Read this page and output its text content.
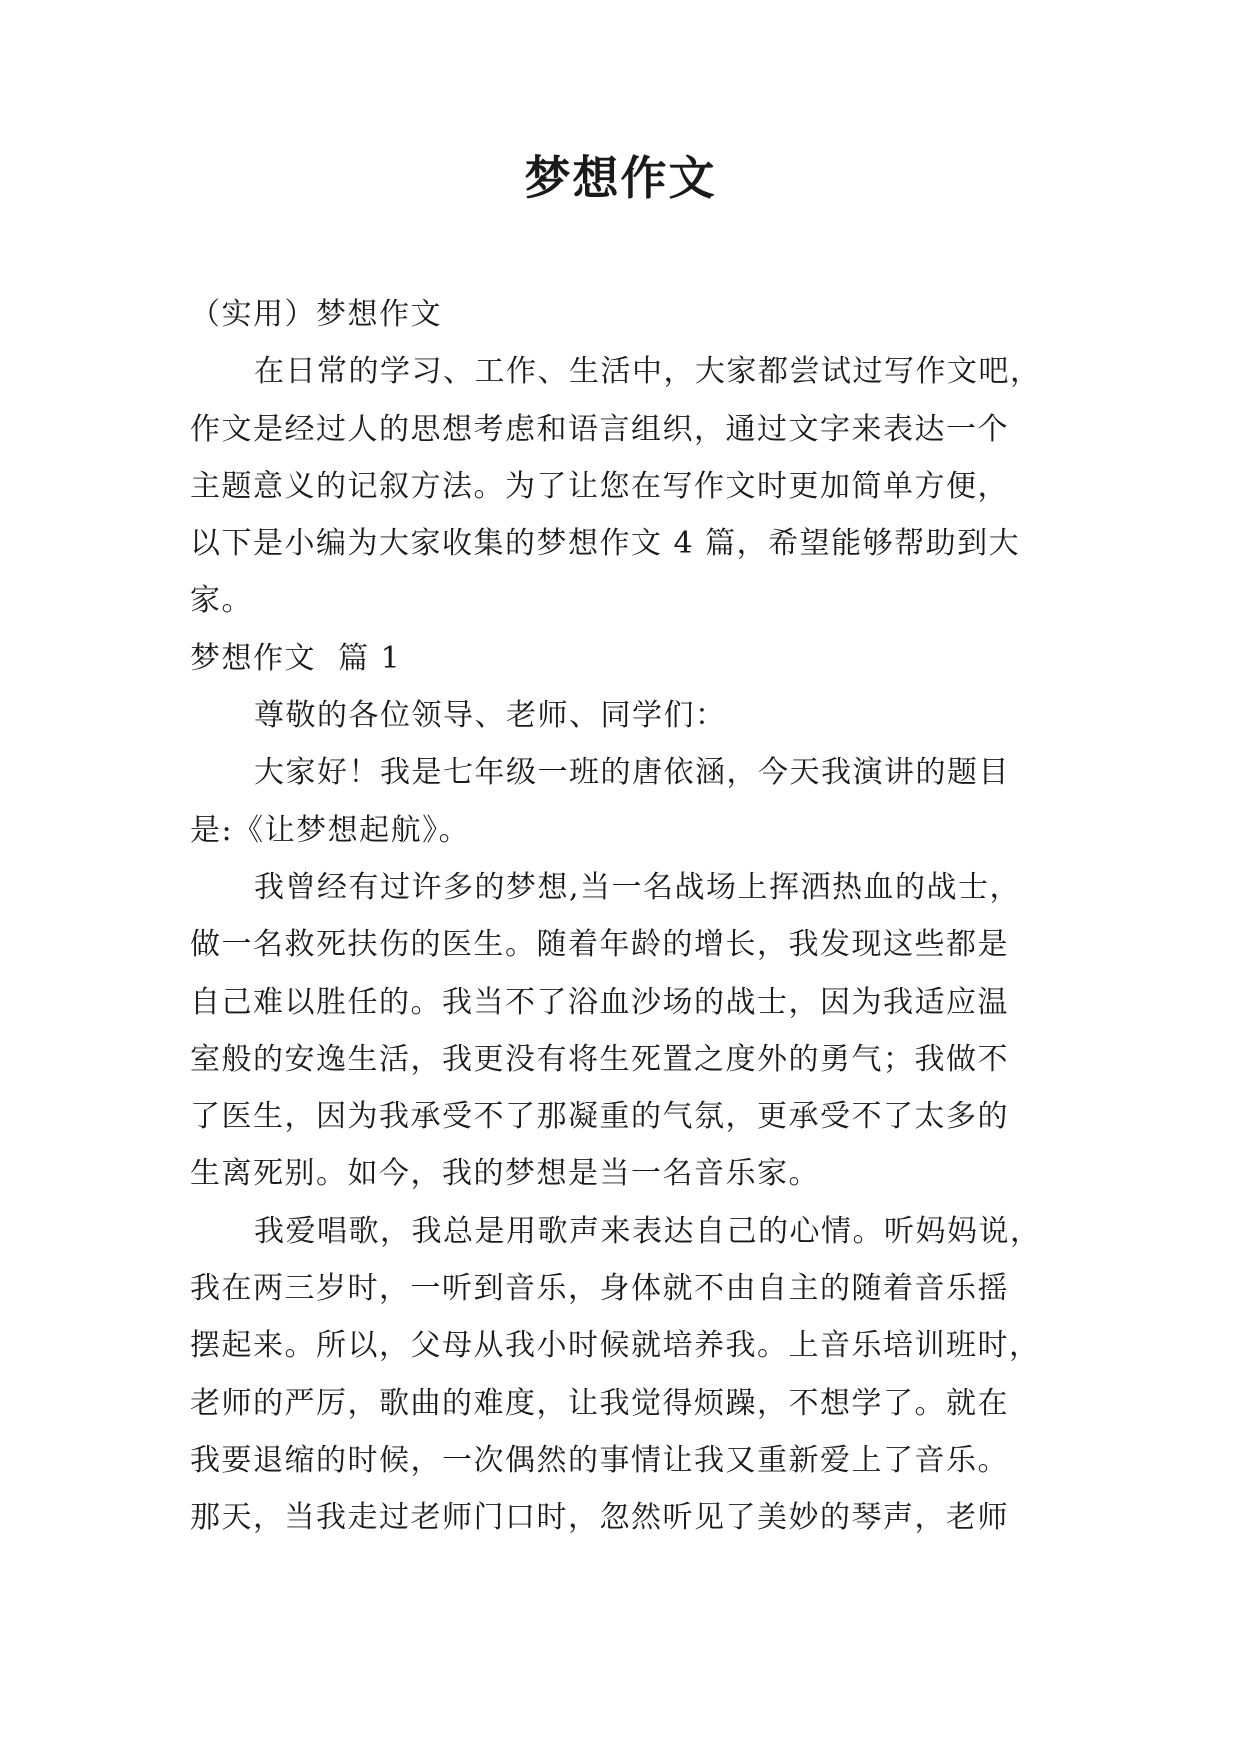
梦想作文

（实用）梦想作文

在日常的学习、工作、生活中，大家都尝试过写作文吧，
作文是经过人的思想考虑和语言组织，通过文字来表达一个
主题意义的记叙方法。为了让您在写作文时更加简单方便，
以下是小编为大家收集的梦想作文 4 篇，希望能够帮助到大
家。

梦想作文  篇 1

尊敬的各位领导、老师、同学们：

大家好！我是七年级一班的唐依涵，今天我演讲的题目
是:《让梦想起航》。

我曾经有过许多的梦想,当一名战场上挥洒热血的战士，
做一名救死扶伤的医生。随着年龄的增长，我发现这些都是
自己难以胜任的。我当不了浴血沙场的战士，因为我适应温
室般的安逸生活，我更没有将生死置之度外的勇气；我做不
了医生，因为我承受不了那凝重的气氛，更承受不了太多的
生离死别。如今，我的梦想是当一名音乐家。

我爱唱歌，我总是用歌声来表达自己的心情。听妈妈说，
我在两三岁时，一听到音乐，身体就不由自主的随着音乐摇
摆起来。所以，父母从我小时候就培养我。上音乐培训班时，
老师的严厉，歌曲的难度，让我觉得烦躁，不想学了。就在
我要退缩的时候，一次偶然的事情让我又重新爱上了音乐。
那天，当我走过老师门口时，忽然听见了美妙的琴声，老师
